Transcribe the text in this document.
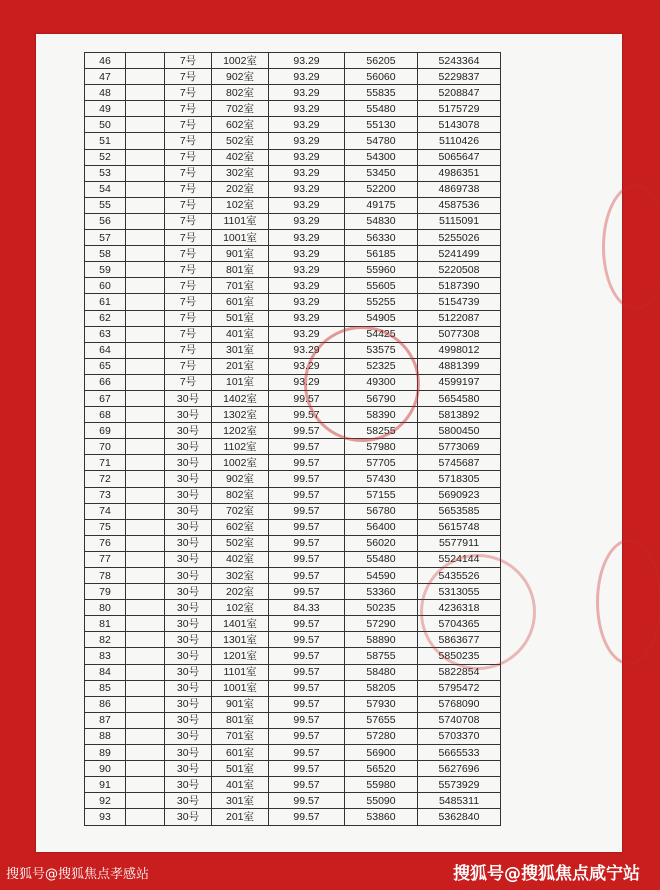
46		7号	1002室	93.29	56205	5243364
47		7号	902室	93.29	56060	5229837
48		7号	802室	93.29	55835	5208847
49		7号	702室	93.29	55480	5175729
50		7号	602室	93.29	55130	5143078
51		7号	502室	93.29	54780	5110426
52		7号	402室	93.29	54300	5065647
53		7号	302室	93.29	53450	4986351
54		7号	202室	93.29	52200	4869738
55		7号	102室	93.29	49175	4587536
56		7号	1101室	93.29	54830	5115091
57		7号	1001室	93.29	56330	5255026
58		7号	901室	93.29	56185	5241499
59		7号	801室	93.29	55960	5220508
60		7号	701室	93.29	55605	5187390
61		7号	601室	93.29	55255	5154739
62		7号	501室	93.29	54905	5122087
63		7号	401室	93.29	54425	5077308
64		7号	301室	93.29	53575	4998012
65		7号	201室	93.29	52325	4881399
66		7号	101室	93.29	49300	4599197
67		30号	1402室	99.57	56790	5654580
68		30号	1302室	99.57	58390	5813892
69		30号	1202室	99.57	58255	5800450
70		30号	1102室	99.57	57980	5773069
71		30号	1002室	99.57	57705	5745687
72		30号	902室	99.57	57430	5718305
73		30号	802室	99.57	57155	5690923
74		30号	702室	99.57	56780	5653585
75		30号	602室	99.57	56400	5615748
76		30号	502室	99.57	56020	5577911
77		30号	402室	99.57	55480	5524144
78		30号	302室	99.57	54590	5435526
79		30号	202室	99.57	53360	5313055
80		30号	102室	84.33	50235	4236318
81		30号	1401室	99.57	57290	5704365
82		30号	1301室	99.57	58890	5863677
83		30号	1201室	99.57	58755	5850235
84		30号	1101室	99.57	58480	5822854
85		30号	1001室	99.57	58205	5795472
86		30号	901室	99.57	57930	5768090
87		30号	801室	99.57	57655	5740708
88		30号	701室	99.57	57280	5703370
89		30号	601室	99.57	56900	5665533
90		30号	501室	99.57	56520	5627696
91		30号	401室	99.57	55980	5573929
92		30号	301室	99.57	55090	5485311
93		30号	201室	99.57	53860	5362840
搜狐号@搜狐焦点孝感站	搜狐号@搜狐焦点咸宁站
